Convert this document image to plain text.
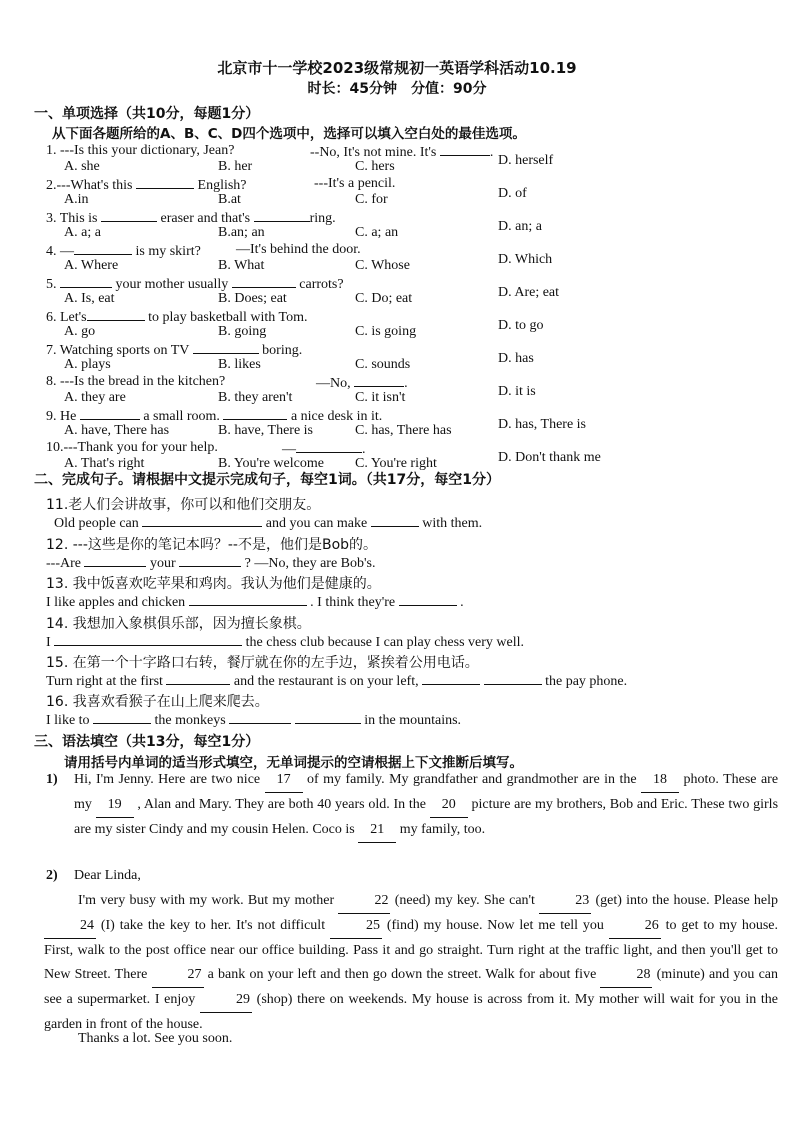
北京市十一学校2023级常规初一英语学科活动10.19
时长：45分钟　分值：90分
一、单项选择（共10分，每题1分）
从下面各题所给的A、B、C、D四个选项中，选择可以填入空白处的最佳选项。
--No, It's not mine. It's	.
1. ---Is this your dictionary, Jean?
A. she	B. her	C. hers	D. herself
---It's a pencil.
2.---What's this	English?
A.in	B.at	C. for	D. of
3. This is	eraser and that's	ring.
A. a; a	B.an; an	C. a; an	D. an; a
—It's behind the door.
4. —	is my skirt?
A. Where	B. What	C. Whose	D. Which
5.	your mother usually	carrots?
A. Is, eat	B. Does; eat	C. Do; eat	D. Are; eat
6. Let's	to play basketball with Tom.
A. go	B. going	C. is going	D. to go
7. Watching sports on TV	boring.
A. plays	B. likes	C. sounds	D. has
—No,	.
8. ---Is the bread in the kitchen?
A. they are	B. they aren't	C. it isn't	D. it is
9. He	a small room.	a nice desk in it.
A. have, There has	B. have, There is	C. has, There has	D. has, There is
—	.
10.---Thank you for your help.
A. That's right	B. You're welcome C. You're right	D. Don't thank me
二、完成句子。请根据中文提示完成句子，每空1词。（共17分，每空1分）
11.老人们会讲故事，你可以和他们交朋友。
Old people can	and you can make	with them.
12. ---这些是你的笔记本吗？--不是，他们是Bob的。
---Are	your	? —No, they are Bob's.
13. 我中饭喜欢吃苹果和鸡肉。我认为他们是健康的。
I like apples and chicken	. I think they're	.
14. 我想加入象棋俱乐部，因为擅长象棋。
I	the chess club because I can play chess very well.
15. 在第一个十字路口右转，餐厅就在你的左手边，紧挨着公用电话。
Turn right at the first	and the restaurant is on your left,	the pay phone.
16. 我喜欢看猴子在山上爬来爬去。
I like to	the monkeys	in the mountains.
三、语法填空（共13分，每空1分）
请用括号内单词的适当形式填空，无单词提示的空请根据上下文推断后填写。
1) Hi, I'm Jenny. Here are two nice 17 of my family. My grandfather and grandmother are in the 18 photo. These are my 19 , Alan and Mary. They are both 40 years old. In the 20 picture are my brothers, Bob and Eric. These two girls are my sister Cindy and my cousin Helen. Coco is 21 my family, too.
2) Dear Linda,
I'm very busy with my work. But my mother	22 (need) my key. She can't	23 (get) into the house. Please help 24 (I) take the key to her. It's not difficult	25 (find) my house. Now let me tell you	26 to get to my house. First, walk to the post office near our office building. Pass it and go straight. Turn right at the traffic light, and then you'll get to New Street. There	27 a bank on your left and then go down the street. Walk for about five	28 (minute) and you can see a supermarket. I enjoy	29 (shop) there on weekends. My house is across from it. My mother will wait for you in the garden in front of the house.
Thanks a lot. See you soon.
